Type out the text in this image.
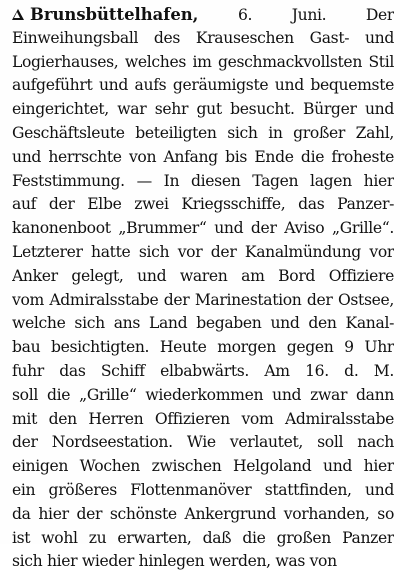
Brunsbüttelhafen,	6. Juni.	Der
Einweihungsball des Krauseschen Gast- und
Logierhauses, welches im geschmackvollsten Stil
aufgeführt und aufs geräumigste und bequemste
eingerichtet, war sehr gut besucht. Bürger und
Geschäftsleute beteiligten sich in großer Zahl,
und herrschte von Anfang bis Ende die froheste
Feststimmung. — In diesen Tagen lagen hier
auf der Elbe zwei Kriegsschiffe, das Panzer-
kanonenboot „Brummer“ und der Aviso „Grille“.
Letzterer hatte sich vor der Kanalmündung vor
Anker gelegt, und waren am Bord Offiziere
vom Admiralsstabe der Marinestation der Ostsee,
welche sich ans Land begaben und den Kanal-
bau besichtigten. Heute morgen gegen 9 Uhr
fuhr das Schiff elbabwärts. Am 16. d. M.
soll die „Grille“ wiederkommen und zwar dann
mit den Herren Offizieren vom Admiralsstabe
der Nordseestation. Wie verlautet, soll nach
einigen Wochen zwischen Helgoland und hier
ein größeres Flottenmanöver stattfinden, und
da hier der schönste Ankergrund vorhanden, so
ist wohl zu erwarten, daß die großen Panzer
sich hier wieder hinlegen werden, was von
